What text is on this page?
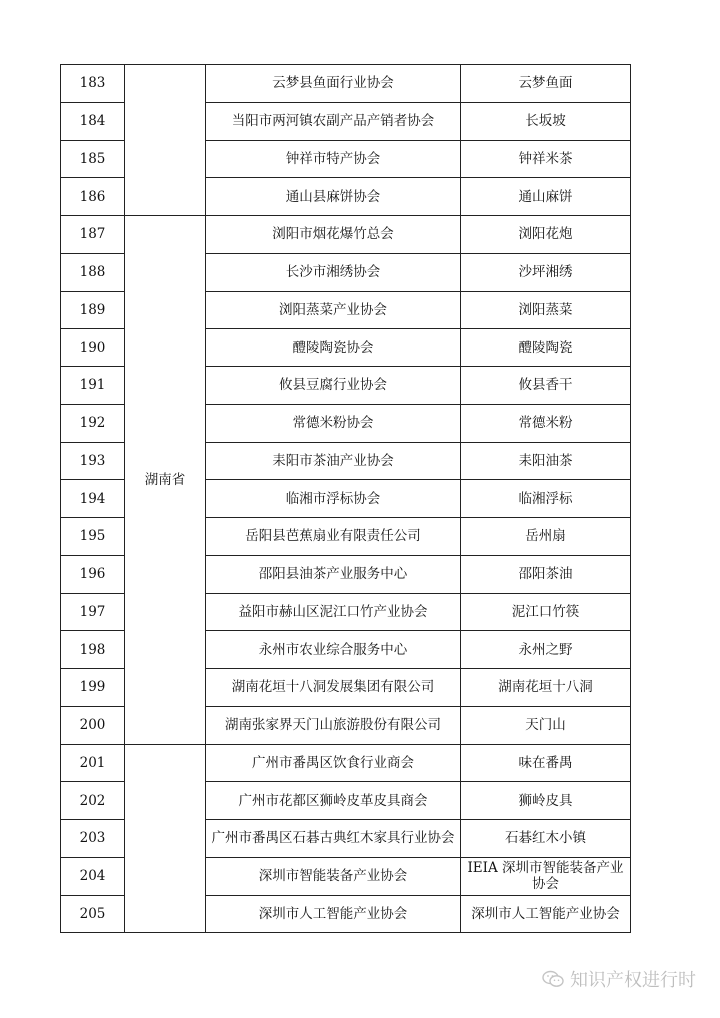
183		云梦县鱼面行业协会	云梦鱼面
184		当阳市两河镇农副产品产销者协会	长坂坡
185		钟祥市特产协会	钟祥米茶
186		通山县麻饼协会	通山麻饼
187	湖南省	浏阳市烟花爆竹总会	浏阳花炮
188		长沙市湘绣协会	沙坪湘绣
189		浏阳蒸菜产业协会	浏阳蒸菜
190		醴陵陶瓷协会	醴陵陶瓷
191		攸县豆腐行业协会	攸县香干
192		常德米粉协会	常德米粉
193		耒阳市茶油产业协会	耒阳油茶
194		临湘市浮标协会	临湘浮标
195		岳阳县芭蕉扇业有限责任公司	岳州扇
196		邵阳县油茶产业服务中心	邵阳茶油
197		益阳市赫山区泥江口竹产业协会	泥江口竹筷
198		永州市农业综合服务中心	永州之野
199		湖南花垣十八洞发展集团有限公司	湖南花垣十八洞
200		湖南张家界天门山旅游股份有限公司	天门山
201		广州市番禺区饮食行业商会	味在番禺
202		广州市花都区狮岭皮革皮具商会	狮岭皮具
203		广州市番禺区石碁古典红木家具行业协会	石碁红木小镇
204		深圳市智能装备产业协会	IEIA 深圳市智能装备产业协会
205		深圳市人工智能产业协会	深圳市人工智能产业协会
知识产权进行时
